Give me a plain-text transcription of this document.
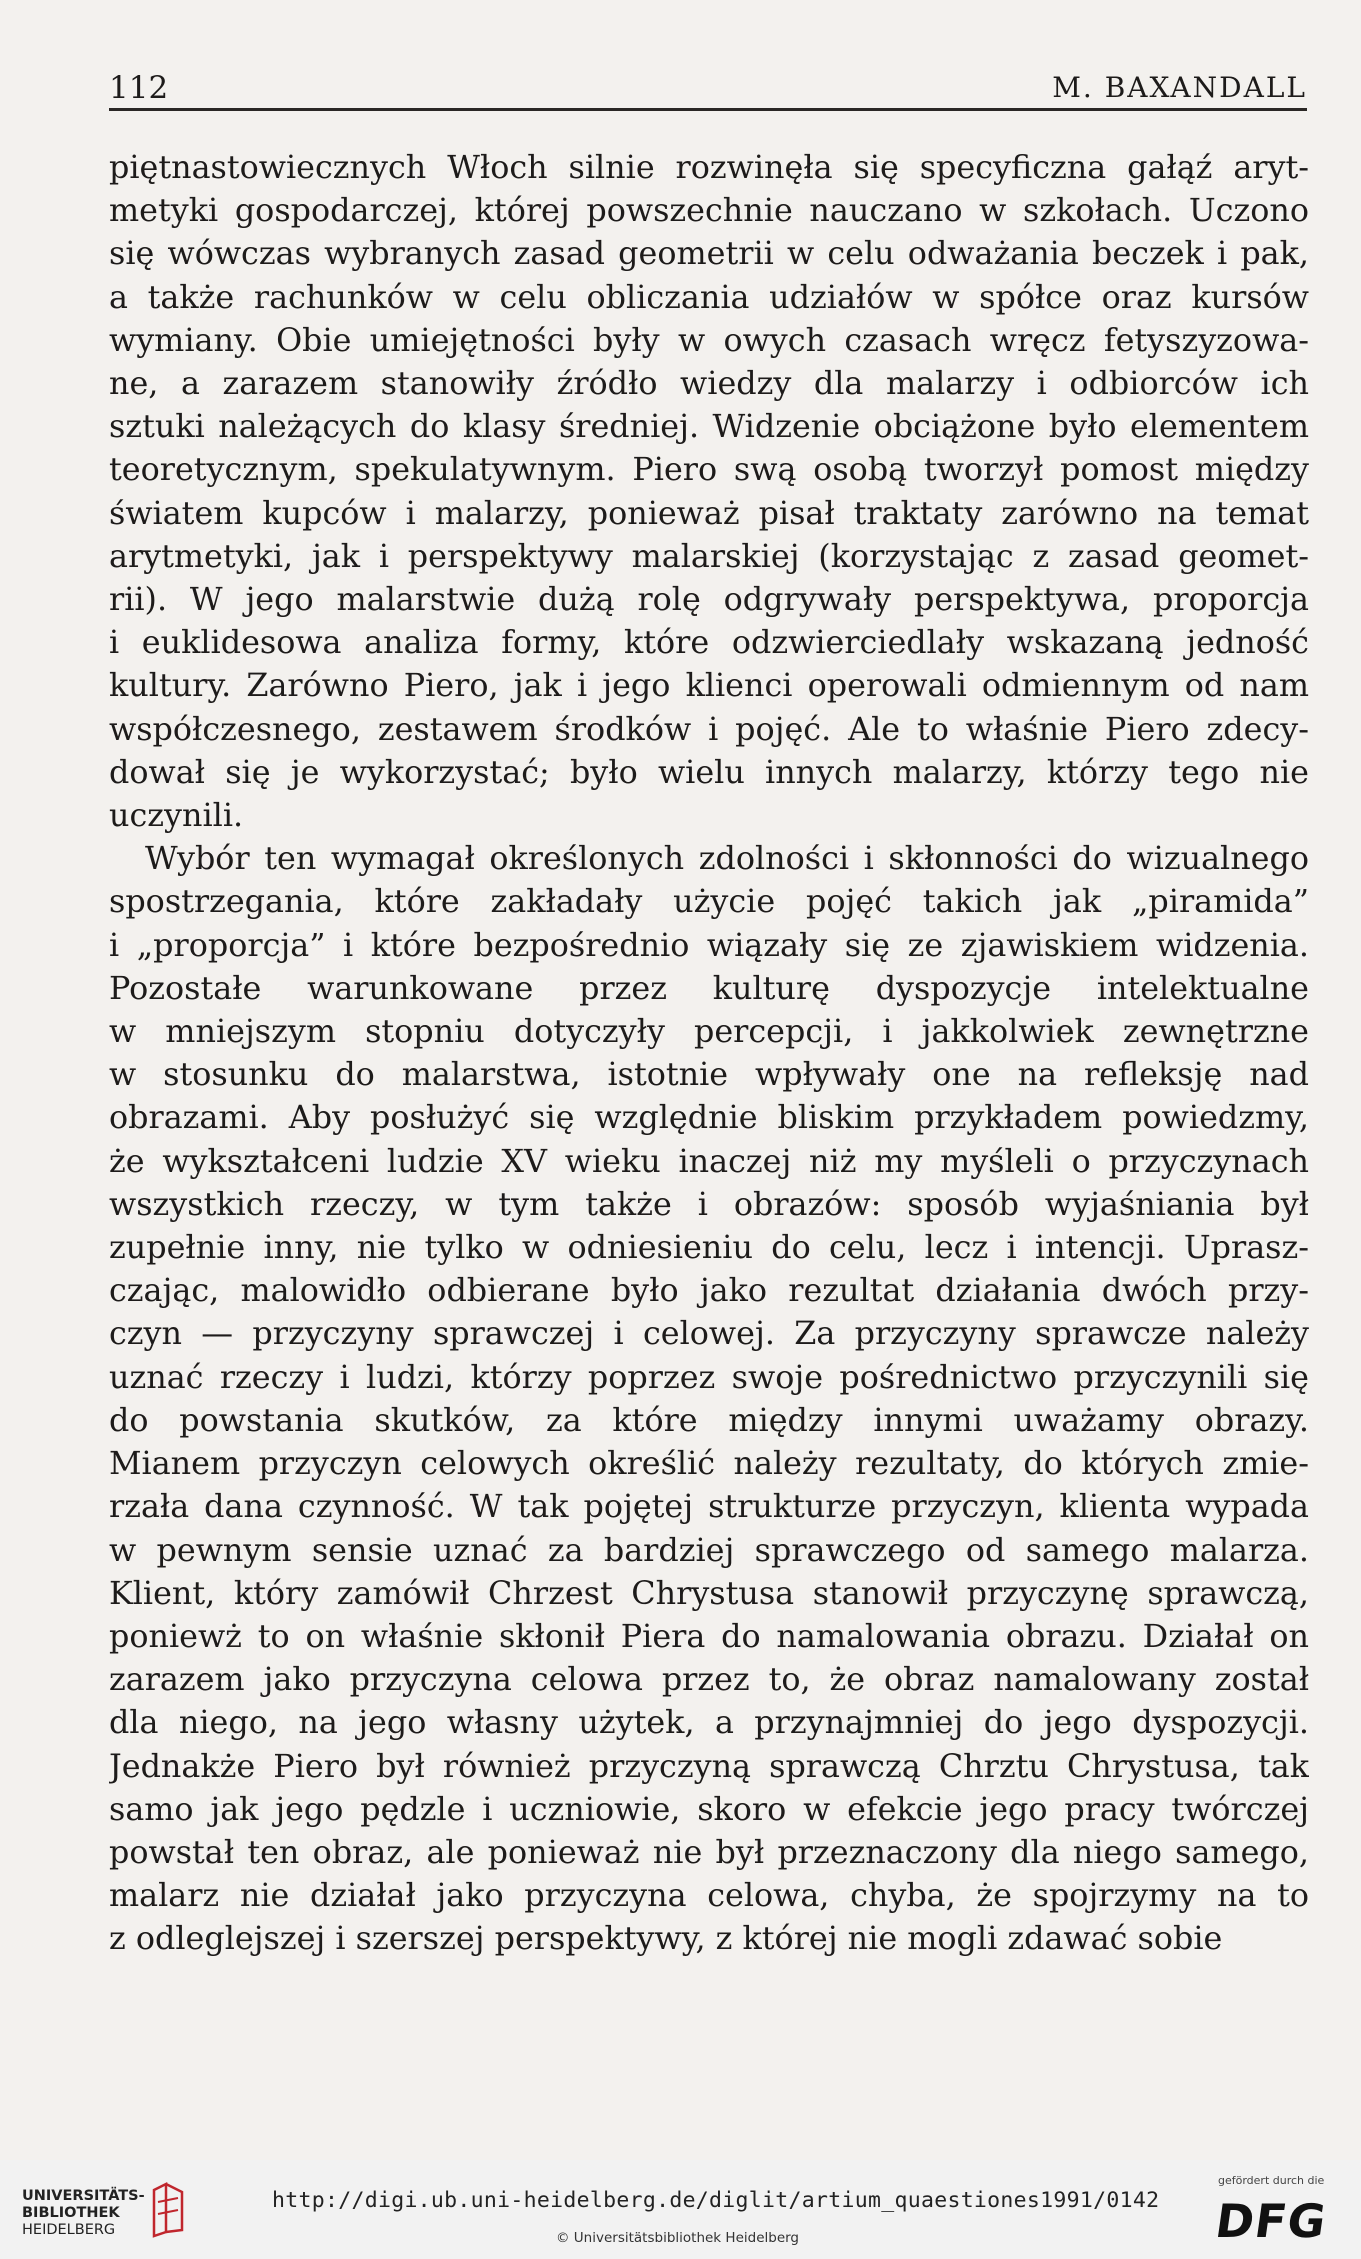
112	M. BAXANDALL
piętnastowiecznych Włoch silnie rozwinęła się specyficzna gałąź aryt-
metyki gospodarczej, której powszechnie nauczano w szkołach. Uczono
się wówczas wybranych zasad geometrii w celu odważania beczek i pak,
a także rachunków w celu obliczania udziałów w spółce oraz kursów
wymiany. Obie umiejętności były w owych czasach wręcz fetyszyzowa-
ne, a zarazem stanowiły źródło wiedzy dla malarzy i odbiorców ich
sztuki należących do klasy średniej. Widzenie obciążone było elementem
teoretycznym, spekulatywnym. Piero swą osobą tworzył pomost między
światem kupców i malarzy, ponieważ pisał traktaty zarówno na temat
arytmetyki, jak i perspektywy malarskiej (korzystając z zasad geomet-
rii). W jego malarstwie dużą rolę odgrywały perspektywa, proporcja
i euklidesowa analiza formy, które odzwierciedlały wskazaną jedność
kultury. Zarówno Piero, jak i jego klienci operowali odmiennym od nam
współczesnego, zestawem środków i pojęć. Ale to właśnie Piero zdecy-
dował się je wykorzystać; było wielu innych malarzy, którzy tego nie
uczynili.
Wybór ten wymagał określonych zdolności i skłonności do wizualnego
spostrzegania, które zakładały użycie pojęć takich jak „piramida”
i „proporcja” i które bezpośrednio wiązały się ze zjawiskiem widzenia.
Pozostałe warunkowane przez kulturę dyspozycje intelektualne
w mniejszym stopniu dotyczyły percepcji, i jakkolwiek zewnętrzne
w stosunku do malarstwa, istotnie wpływały one na refleksję nad
obrazami. Aby posłużyć się względnie bliskim przykładem powiedzmy,
że wykształceni ludzie XV wieku inaczej niż my myśleli o przyczynach
wszystkich rzeczy, w tym także i obrazów: sposób wyjaśniania był
zupełnie inny, nie tylko w odniesieniu do celu, lecz i intencji. Uprasz-
czając, malowidło odbierane było jako rezultat działania dwóch przy-
czyn — przyczyny sprawczej i celowej. Za przyczyny sprawcze należy
uznać rzeczy i ludzi, którzy poprzez swoje pośrednictwo przyczynili się
do powstania skutków, za które między innymi uważamy obrazy.
Mianem przyczyn celowych określić należy rezultaty, do których zmie-
rzała dana czynność. W tak pojętej strukturze przyczyn, klienta wypada
w pewnym sensie uznać za bardziej sprawczego od samego malarza.
Klient, który zamówił Chrzest Chrystusa stanowił przyczynę sprawczą,
poniewż to on właśnie skłonił Piera do namalowania obrazu. Działał on
zarazem jako przyczyna celowa przez to, że obraz namalowany został
dla niego, na jego własny użytek, a przynajmniej do jego dyspozycji.
Jednakże Piero był również przyczyną sprawczą Chrztu Chrystusa, tak
samo jak jego pędzle i uczniowie, skoro w efekcie jego pracy twórczej
powstał ten obraz, ale ponieważ nie był przeznaczony dla niego samego,
malarz nie działał jako przyczyna celowa, chyba, że spojrzymy na to
z odleglejszej i szerszej perspektywy, z której nie mogli zdawać sobie
UNIVERSITÄTS-
BIBLIOTHEK
HEIDELBERG
http://digi.ub.uni-heidelberg.de/diglit/artium_quaestiones1991/0142
© Universitätsbibliothek Heidelberg
gefördert durch die
DFG
